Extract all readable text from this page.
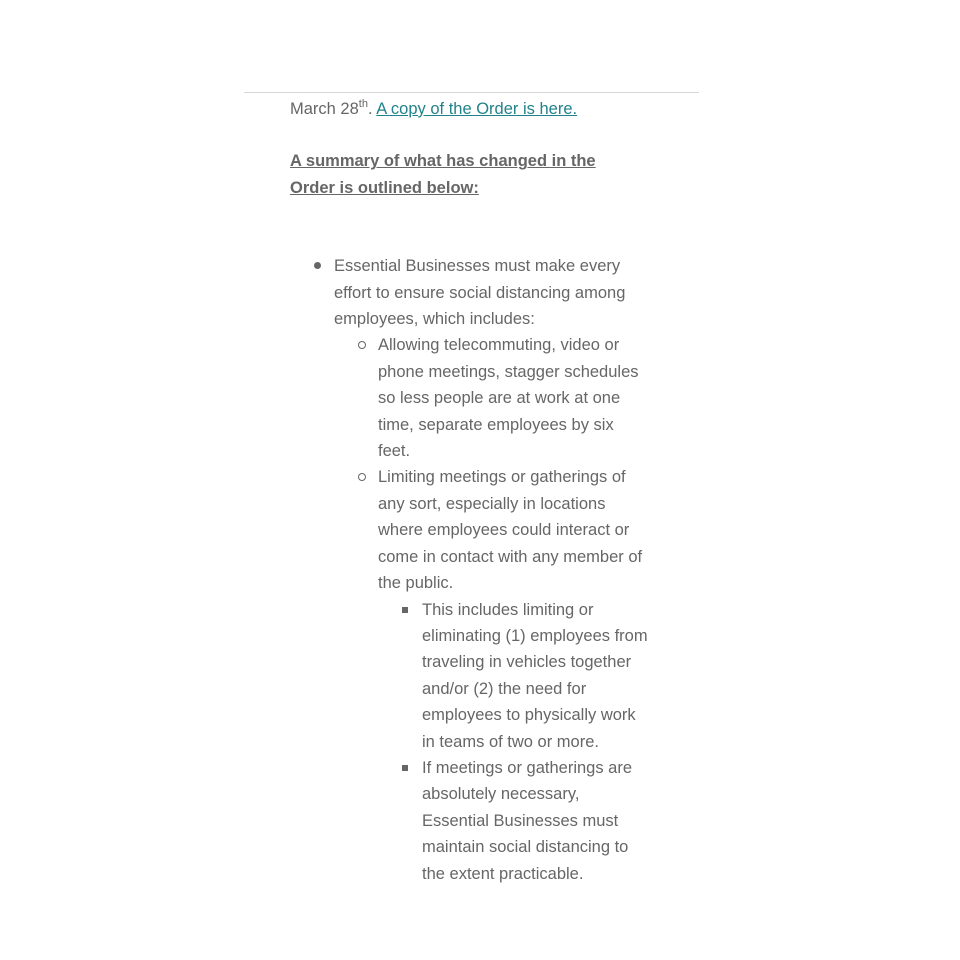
March 28th. A copy of the Order is here.

A summary of what has changed in the Order is outlined below:

Essential Businesses must make every effort to ensure social distancing among employees, which includes:
Allowing telecommuting, video or phone meetings, stagger schedules so less people are at work at one time, separate employees by six feet.
Limiting meetings or gatherings of any sort, especially in locations where employees could interact or come in contact with any member of the public.
This includes limiting or eliminating (1) employees from traveling in vehicles together and/or (2) the need for employees to physically work in teams of two or more.
If meetings or gatherings are absolutely necessary, Essential Businesses must maintain social distancing to the extent practicable.
